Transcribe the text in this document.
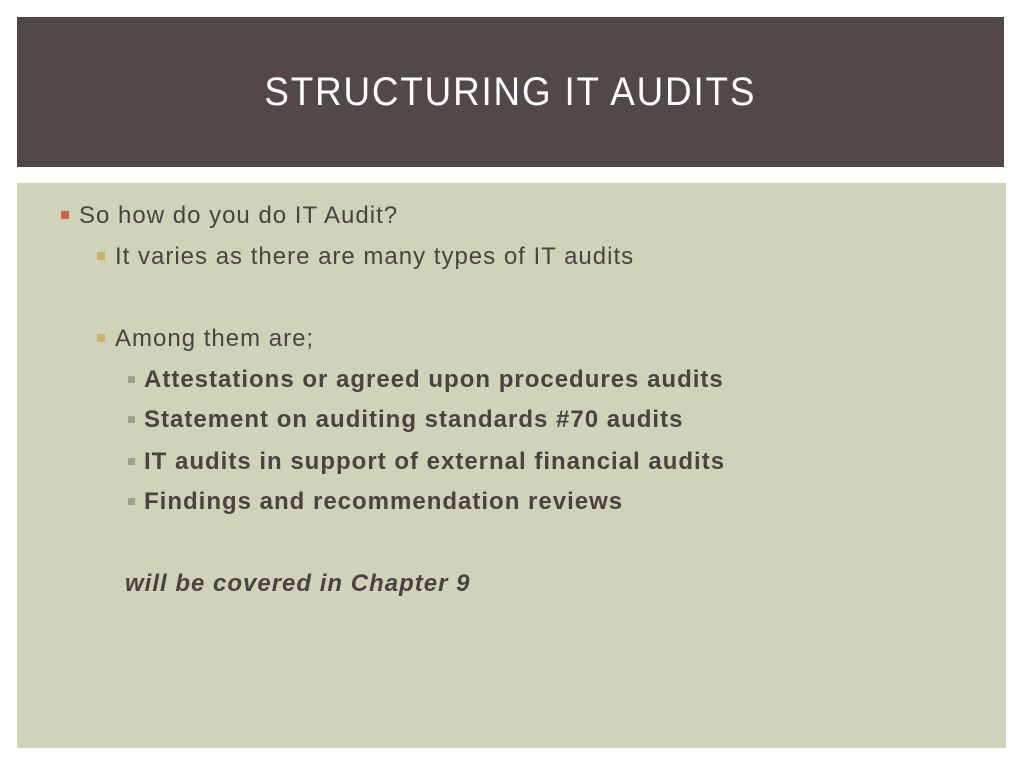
STRUCTURING IT AUDITS
So how do you do IT Audit?
It varies as there are many types of IT audits
Among them are;
Attestations or agreed upon procedures audits
Statement on auditing standards #70 audits
IT audits in support of external financial audits
Findings and recommendation reviews
will be covered in Chapter 9
